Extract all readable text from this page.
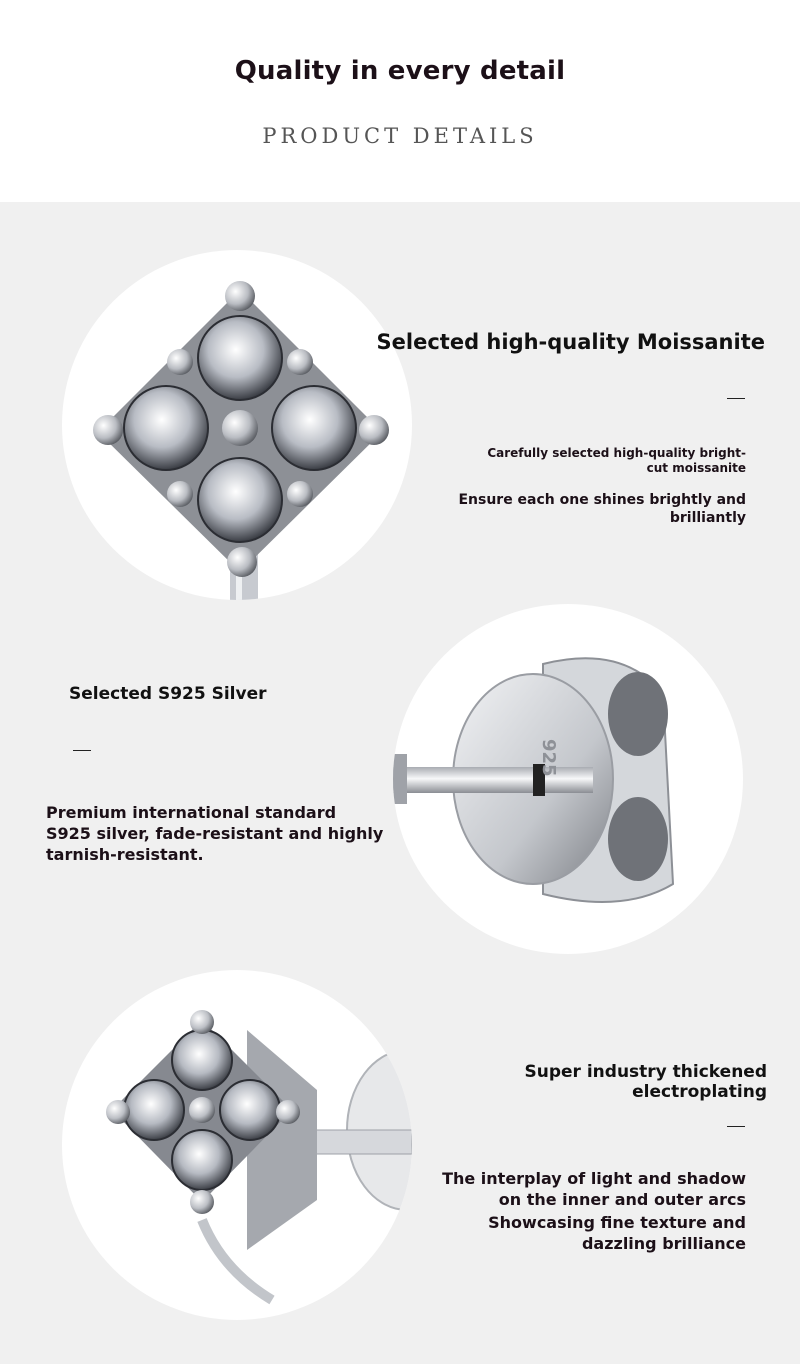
Quality in every detail
PRODUCT DETAILS
Selected high-quality Moissanite
Carefully selected high-quality bright-cut moissanite
Ensure each one shines brightly and brilliantly
Selected S925 Silver
Premium international standard S925 silver, fade-resistant and highly tarnish-resistant.
925
Super industry thickened electroplating
The interplay of light and shadow on the inner and outer arcs
Showcasing fine texture and dazzling brilliance
